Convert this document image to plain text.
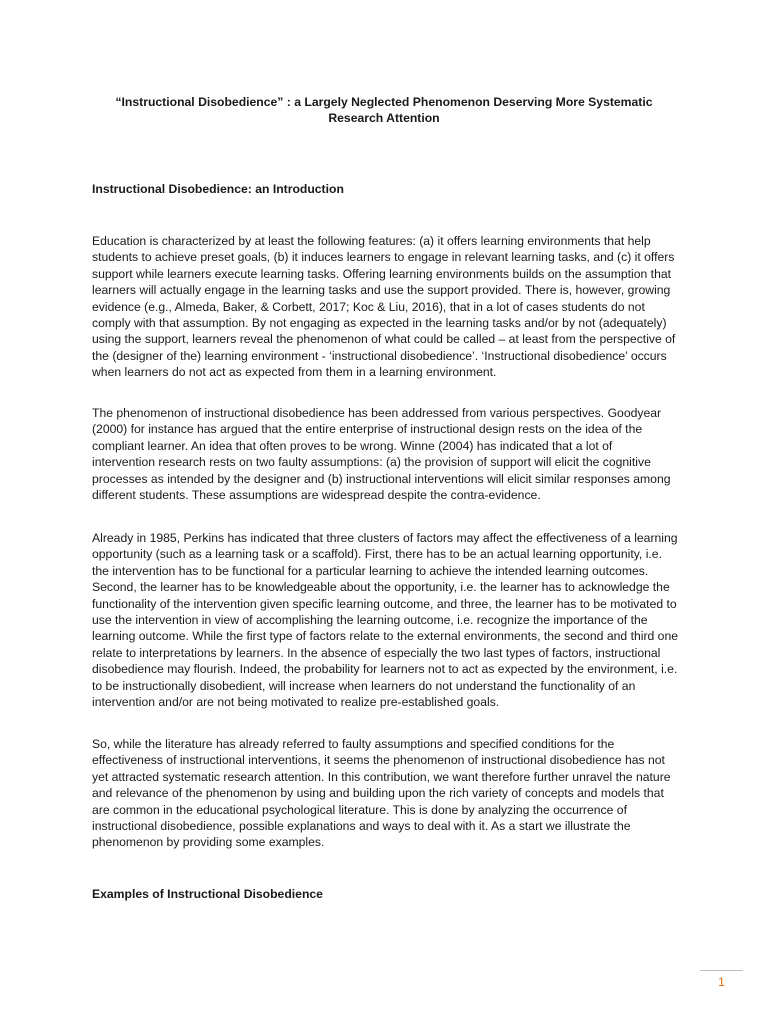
“Instructional Disobedience” : a Largely Neglected Phenomenon Deserving More Systematic
Research Attention
Instructional Disobedience: an Introduction

Education is characterized by at least the following features: (a) it offers learning environments that help students to achieve preset goals, (b) it induces learners to engage in relevant learning tasks, and (c) it offers support while learners execute learning tasks. Offering learning environments builds on the assumption that learners will actually engage in the learning tasks and use the support provided. There is, however, growing evidence (e.g., Almeda, Baker, & Corbett, 2017; Koc & Liu, 2016), that in a lot of cases students do not comply with that assumption. By not engaging as expected in the learning tasks and/or by not (adequately) using the support, learners reveal the phenomenon of what could be called – at least from the perspective of the (designer of the) learning environment - ‘instructional disobedience’. ‘Instructional disobedience’ occurs when learners do not act as expected from them in a learning environment.

The phenomenon of instructional disobedience has been addressed from various perspectives. Goodyear (2000) for instance has argued that the entire enterprise of instructional design rests on the idea of the compliant learner. An idea that often proves to be wrong. Winne (2004) has indicated that a lot of intervention research rests on two faulty assumptions: (a) the provision of support will elicit the cognitive processes as intended by the designer and (b) instructional interventions will elicit similar responses among different students. These assumptions are widespread despite the contra-evidence.

Already in 1985, Perkins has indicated that three clusters of factors may affect the effectiveness of a learning opportunity (such as a learning task or a scaffold). First, there has to be an actual learning opportunity, i.e. the intervention has to be functional for a particular learning to achieve the intended learning outcomes. Second, the learner has to be knowledgeable about the opportunity, i.e. the learner has to acknowledge the functionality of the intervention given specific learning outcome, and three, the learner has to be motivated to use the intervention in view of accomplishing the learning outcome, i.e. recognize the importance of the learning outcome. While the first type of factors relate to the external environments, the second and third one relate to interpretations by learners. In the absence of especially the two last types of factors, instructional disobedience may flourish. Indeed, the probability for learners not to act as expected by the environment, i.e. to be instructionally disobedient, will increase when learners do not understand the functionality of an intervention and/or are not being motivated to realize pre-established goals.

So, while the literature has already referred to faulty assumptions and specified conditions for the effectiveness of instructional interventions, it seems the phenomenon of instructional disobedience has not yet attracted systematic research attention. In this contribution, we want therefore further unravel the nature and relevance of the phenomenon by using and building upon the rich variety of concepts and models that are common in the educational psychological literature. This is done by analyzing the occurrence of instructional disobedience, possible explanations and ways to deal with it. As a start we illustrate the phenomenon by providing some examples.

Examples of Instructional Disobedience
1
